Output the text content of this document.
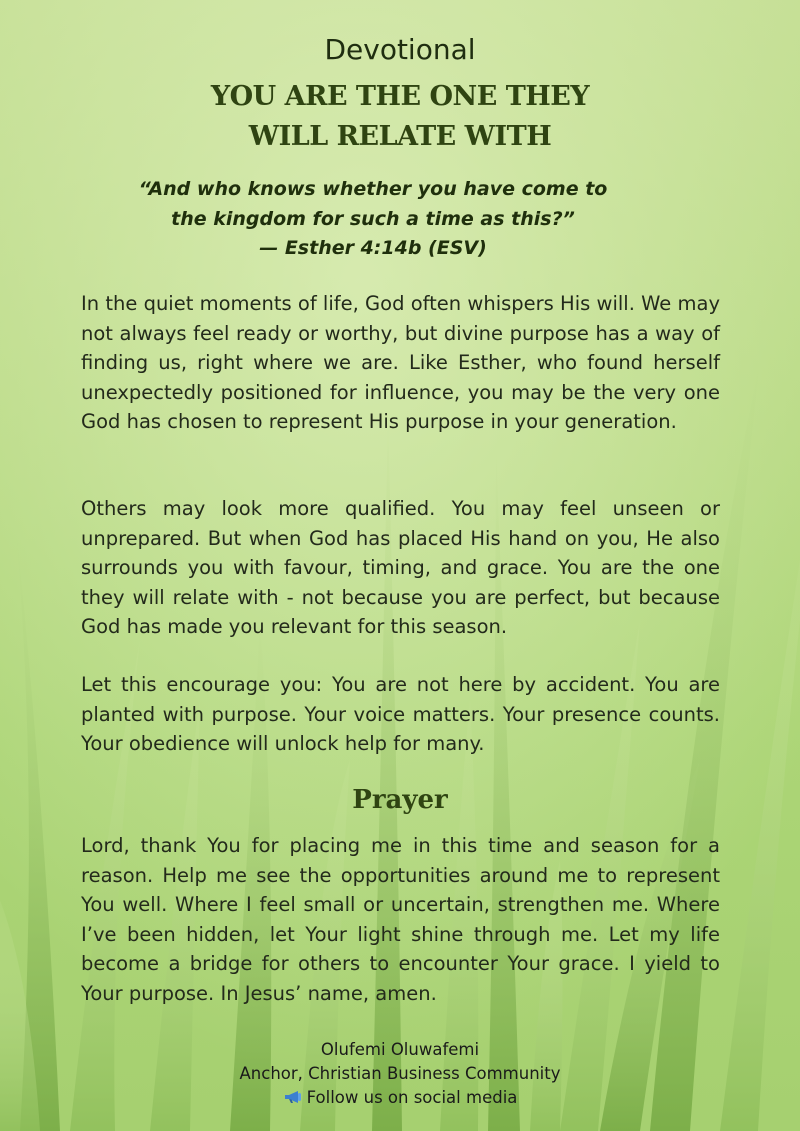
Devotional
YOU ARE THE ONE THEY
WILL RELATE WITH
“And who knows whether you have come to
the kingdom for such a time as this?”
— Esther 4:14b (ESV)

In the quiet moments of life, God often whispers His will. We may not always feel ready or worthy, but divine purpose has a way of finding us, right where we are. Like Esther, who found herself unexpectedly positioned for influence, you may be the very one God has chosen to represent His purpose in your generation.

Others may look more qualified. You may feel unseen or unprepared. But when God has placed His hand on you, He also surrounds you with favour, timing, and grace. You are the one they will relate with - not because you are perfect, but because God has made you relevant for this season.

Let this encourage you: You are not here by accident. You are planted with purpose. Your voice matters. Your presence counts. Your obedience will unlock help for many.

Prayer

Lord, thank You for placing me in this time and season for a reason. Help me see the opportunities around me to represent You well. Where I feel small or uncertain, strengthen me. Where I’ve been hidden, let Your light shine through me. Let my life become a bridge for others to encounter Your grace. I yield to Your purpose. In Jesus’ name, amen.

Olufemi Oluwafemi
Anchor, Christian Business Community
Follow us on social media
